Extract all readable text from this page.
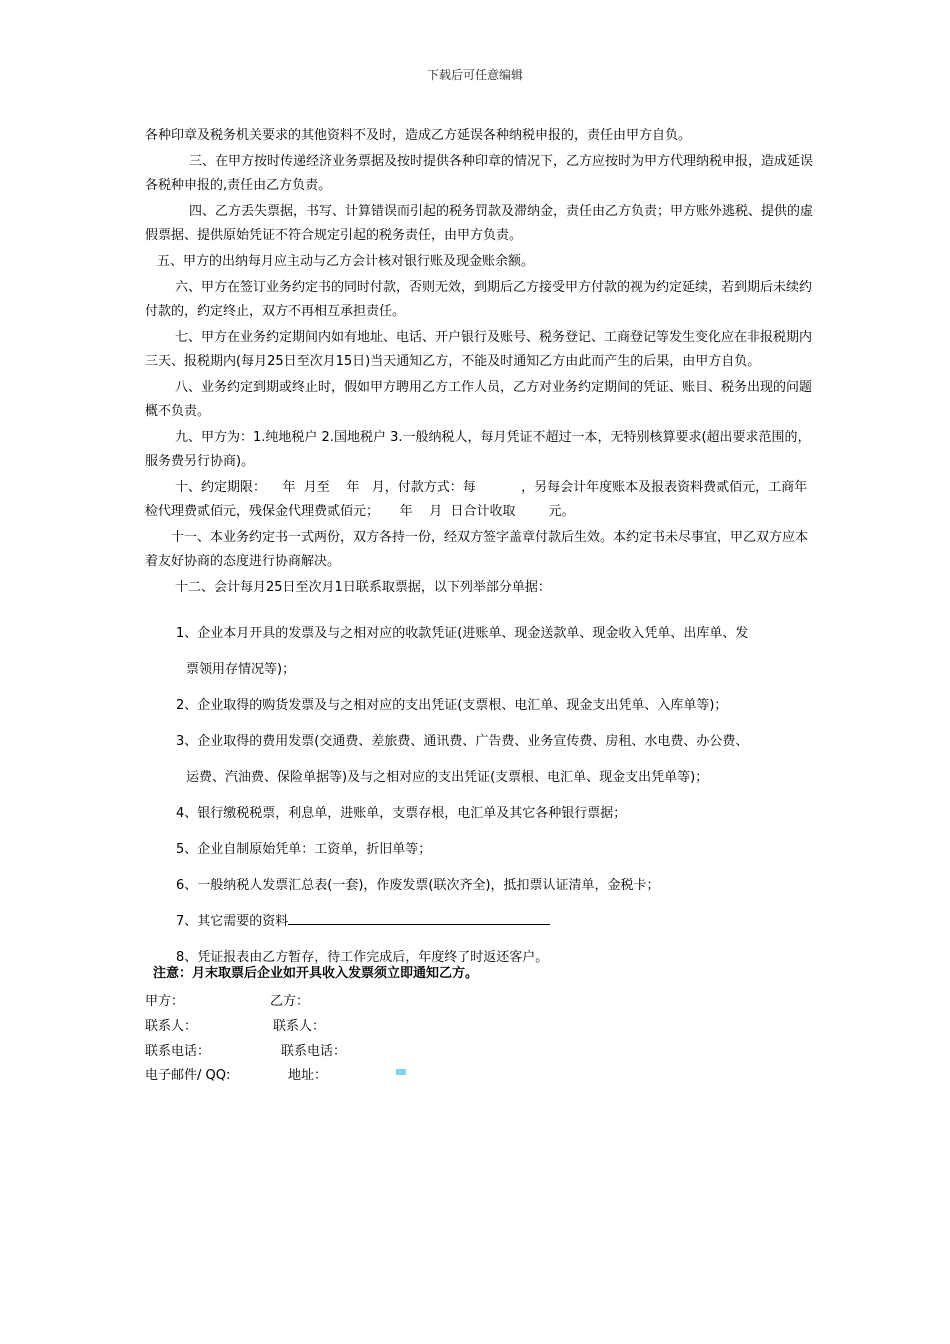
下载后可任意编辑

各种印章及税务机关要求的其他资料不及时，造成乙方延误各种纳税申报的，责任由甲方自负。

三、在甲方按时传递经济业务票据及按时提供各种印章的情况下，乙方应按时为甲方代理纳税申报，造成延误各税种申报的,责任由乙方负责。

四、乙方丢失票据，书写、计算错误而引起的税务罚款及滞纳金，责任由乙方负责；甲方账外逃税、提供的虚假票据、提供原始凭证不符合规定引起的税务责任，由甲方负责。

五、甲方的出纳每月应主动与乙方会计核对银行账及现金账余额。

六、甲方在签订业务约定书的同时付款，否则无效，到期后乙方接受甲方付款的视为约定延续，若到期后未续约付款的，约定终止，双方不再相互承担责任。

七、甲方在业务约定期间内如有地址、电话、开户银行及账号、税务登记、工商登记等发生变化应在非报税期内三天、报税期内(每月25日至次月15日)当天通知乙方，不能及时通知乙方由此而产生的后果，由甲方自负。

八、业务约定到期或终止时，假如甲方聘用乙方工作人员，乙方对业务约定期间的凭证、账目、税务出现的问题概不负责。

九、甲方为：1.纯地税户 2.国地税户 3.一般纳税人，每月凭证不超过一本，无特别核算要求(超出要求范围的，服务费另行协商)。

十、约定期限：    年  月至    年   月，付款方式：每           ，另每会计年度账本及报表资料费贰佰元，工商年检代理费贰佰元，残保金代理费贰佰元；     年    月  日合计收取        元。

十一、本业务约定书一式两份，双方各持一份，经双方签字盖章付款后生效。本约定书未尽事宜，甲乙双方应本着友好协商的态度进行协商解决。

十二、会计每月25日至次月1日联系取票据，以下列举部分单据：

1、企业本月开具的发票及与之相对应的收款凭证(进账单、现金送款单、现金收入凭单、出库单、发

票领用存情况等)；

2、企业取得的购货发票及与之相对应的支出凭证(支票根、电汇单、现金支出凭单、入库单等)；

3、企业取得的费用发票(交通费、差旅费、通讯费、广告费、业务宣传费、房租、水电费、办公费、

运费、汽油费、保险单据等)及与之相对应的支出凭证(支票根、电汇单、现金支出凭单等)；

4、银行缴税税票，利息单，进账单，支票存根，电汇单及其它各种银行票据；

5、企业自制原始凭单：工资单，折旧单等；

6、一般纳税人发票汇总表(一套)，作废发票(联次齐全)，抵扣票认证清单，金税卡；

7、其它需要的资料

8、凭证报表由乙方暂存，待工作完成后，年度终了时返还客户。

注意：月末取票后企业如开具收入发票须立即通知乙方。
甲方：	乙方：
联系人：	联系人：
联系电话：	联系电话：
电子邮件/ QQ:	地址：
